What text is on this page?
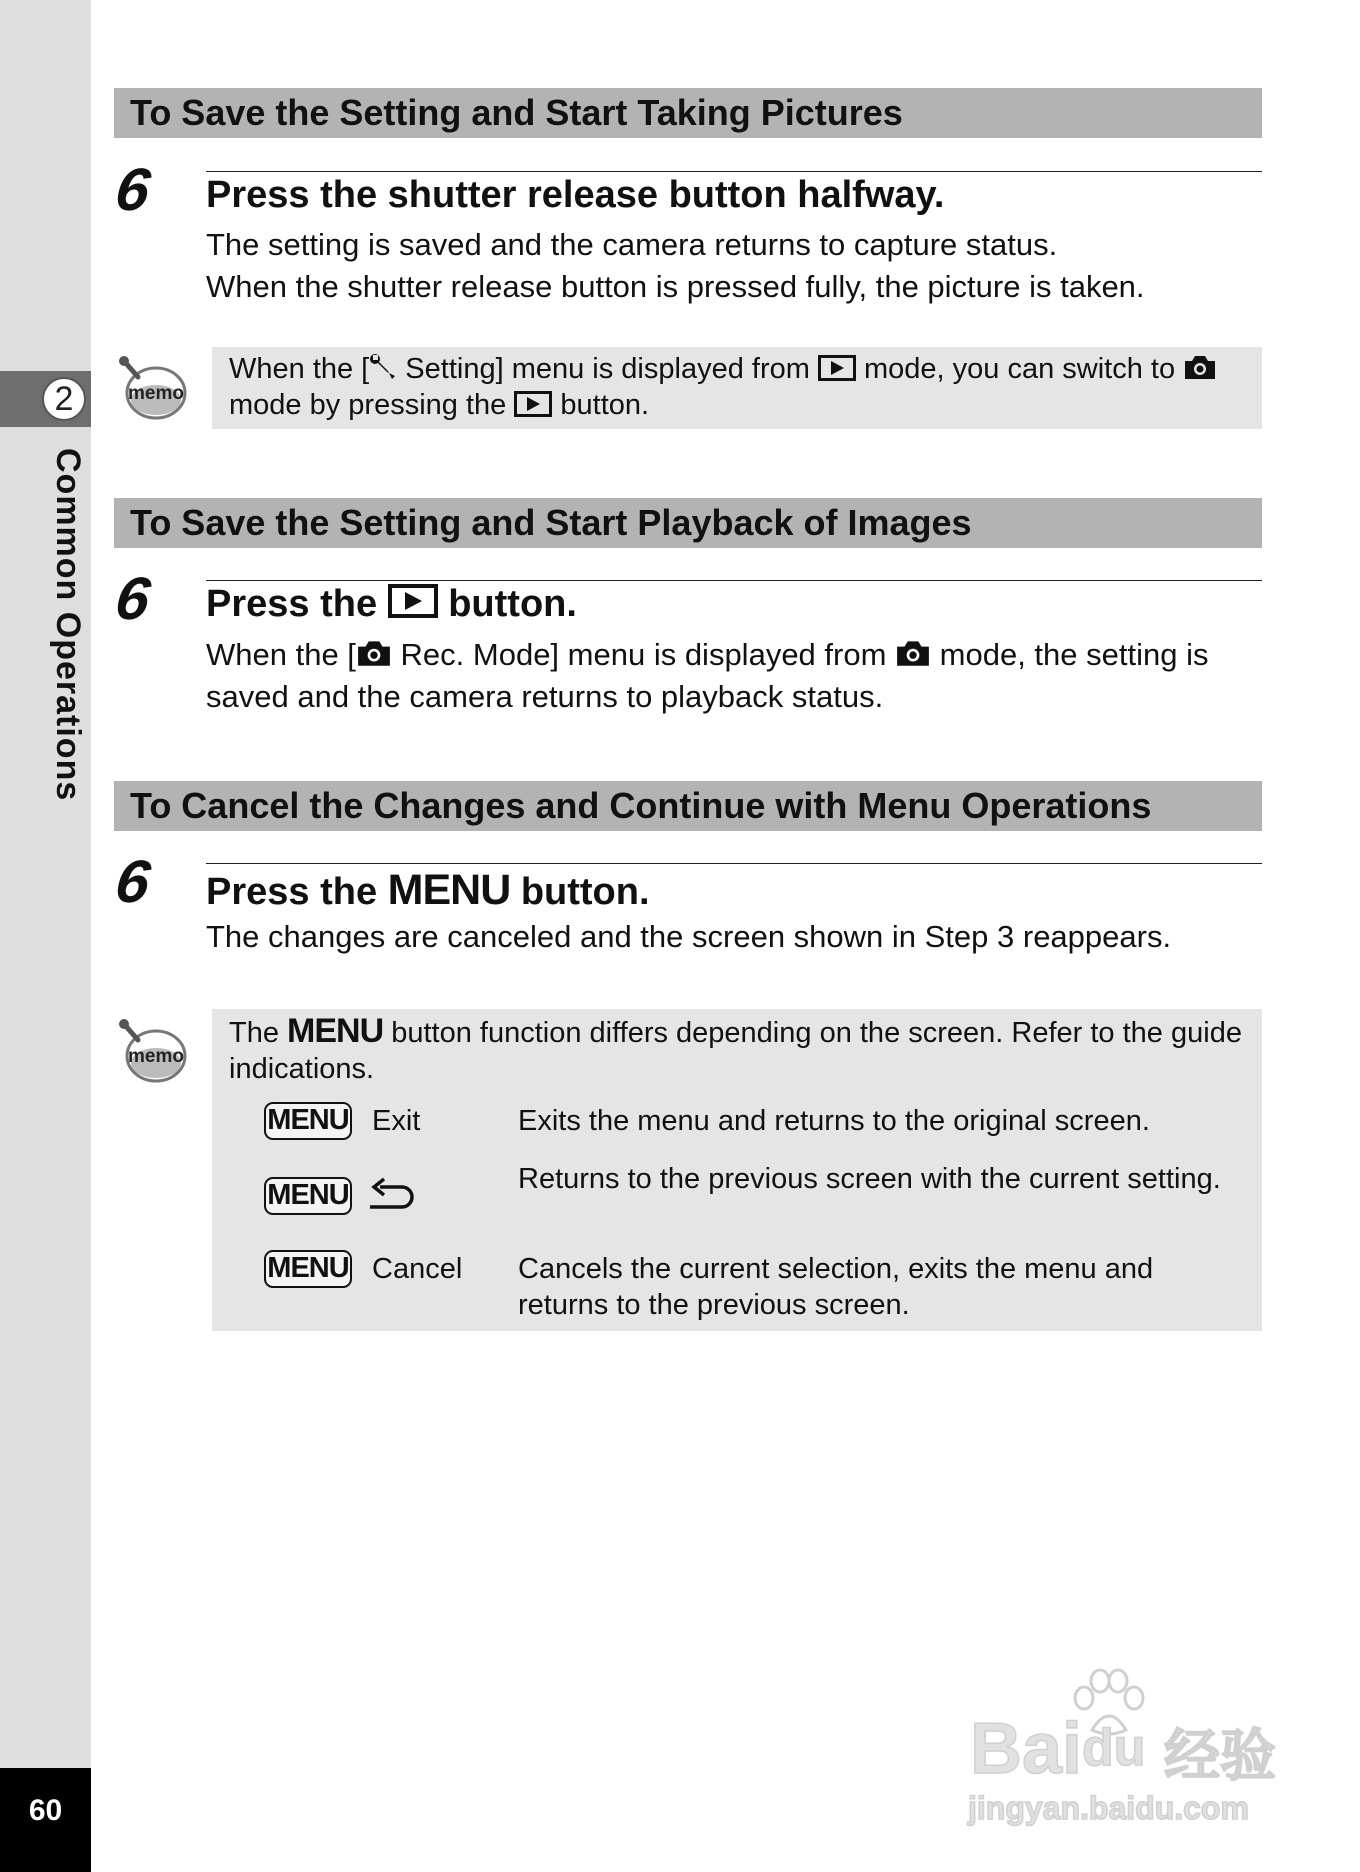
2
Common Operations
60
To Save the Setting and Start Taking Pictures
6 Press the shutter release button halfway.
The setting is saved and the camera returns to capture status.
When the shutter release button is pressed fully, the picture is taken.
memo
When the [ Setting] menu is displayed from  mode, you can switch to  mode by pressing the  button.
To Save the Setting and Start Playback of Images
6 Press the button.
When the [ Rec. Mode] menu is displayed from  mode, the setting is saved and the camera returns to playback status.
To Cancel the Changes and Continue with Menu Operations
6 Press the MENU button.
The changes are canceled and the screen shown in Step 3 reappears.
memo
The MENU button function differs depending on the screen. Refer to the guide indications.
MENU Exit	Exits the menu and returns to the original screen.
MENU	Returns to the previous screen with the current setting.
MENU Cancel Cancels the current selection, exits the menu and returns to the previous screen.
Bai du 经验
jingyan.baidu.com
